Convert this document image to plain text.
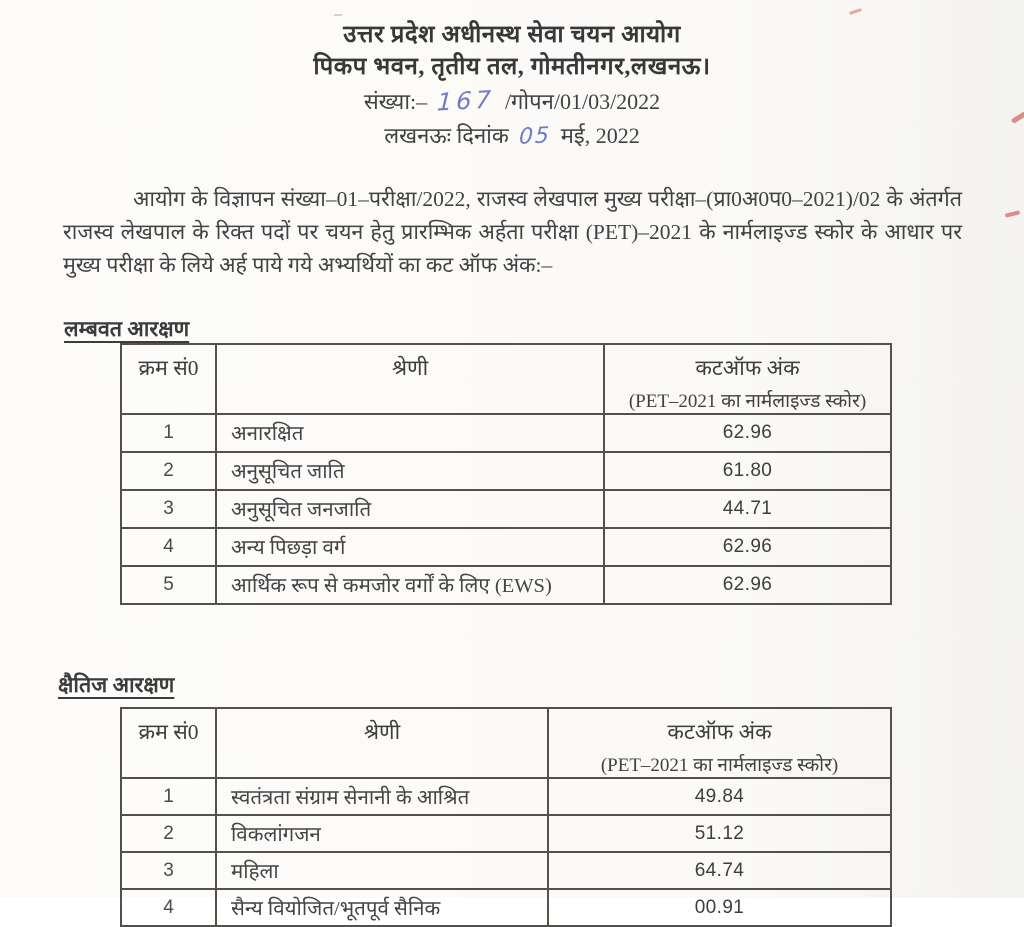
उत्तर प्रदेश अधीनस्थ सेवा चयन आयोग
पिकप भवन, तृतीय तल, गोमतीनगर,लखनऊ।
संख्या:– 167 /गोपन/01/03/2022
लखनऊः दिनांक 05 मई, 2022

आयोग के विज्ञापन संख्या–01–परीक्षा/2022, राजस्व लेखपाल मुख्य परीक्षा–(प्रा0अ0प0–2021)/02 के अंतर्गत राजस्व लेखपाल के रिक्त पदों पर चयन हेतु प्रारम्भिक अर्हता परीक्षा (PET)–2021 के नार्मलाइज्ड स्कोर के आधार पर मुख्य परीक्षा के लिये अर्ह पाये गये अभ्यर्थियों का कट ऑफ अंक:–

लम्बवत आरक्षण
क्रम सं0	श्रेणी	कटऑफ अंक
(PET–2021 का नार्मलाइज्ड स्कोर)

1	अनारक्षित	62.96
2	अनुसूचित जाति	61.80
3	अनुसूचित जनजाति	44.71
4	अन्य पिछड़ा वर्ग	62.96
5	आर्थिक रूप से कमजोर वर्गों के लिए (EWS)	62.96
क्षैतिज आरक्षण
क्रम सं0	श्रेणी	कटऑफ अंक
(PET–2021 का नार्मलाइज्ड स्कोर)

1	स्वतंत्रता संग्राम सेनानी के आश्रित	49.84
2	विकलांगजन	51.12
3	महिला	64.74
4	सैन्य वियोजित/भूतपूर्व सैनिक	00.91
